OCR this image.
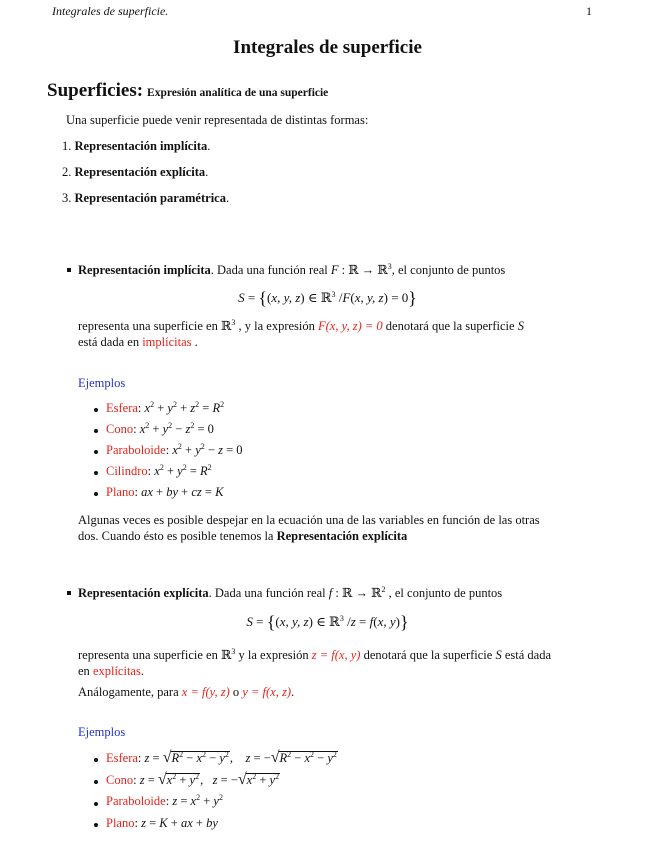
Integrales de superficie.	1
Integrales de superficie
Superficies: Expresión analítica de una superficie
Una superficie puede venir representada de distintas formas:
1. Representación implícita.
2. Representación explícita.
3. Representación paramétrica.
Representación implícita. Dada una función real F : ℝ → ℝ$^3$, el conjunto de puntos
S = {(x, y, z) ∈ ℝ$^3$ /F(x, y, z) = 0}
representa una superficie en ℝ$^3$ , y la expresión F(x, y, z) = 0 denotará que la superficie S
está dada en implícitas .
Ejemplos
Esfera: $x^2 + y^2 + z^2 = R^2$
Cono: $x^2 + y^2 - z^2 = 0$
Paraboloide: $x^2 + y^2 - z = 0$
Cilindro: $x^2 + y^2 = R^2$
Plano: ax + by + cz = K
Algunas veces es posible despejar en la ecuación una de las variables en función de las otras
dos. Cuando ésto es posible tenemos la Representación explícita
Representación explícita. Dada una función real f : ℝ → ℝ$^2$ , el conjunto de puntos
S = {(x, y, z) ∈ ℝ$^3$ /z = f(x, y)}
representa una superficie en ℝ$^3$ y la expresión z = f(x, y) denotará que la superficie S está dada
en explícitas.
Análogamente, para x = f(y, z) o y = f(x, z).
Ejemplos
Esfera: $z = √R^2 - x^2 - y^2$,    $z = -√R^2 - x^2 - y^2$
Cono: $z = √x^2 + y^2$,   $z = -√x^2 + y^2$
Paraboloide: $z = x^2 + y^2$
Plano: z = K + ax + by
